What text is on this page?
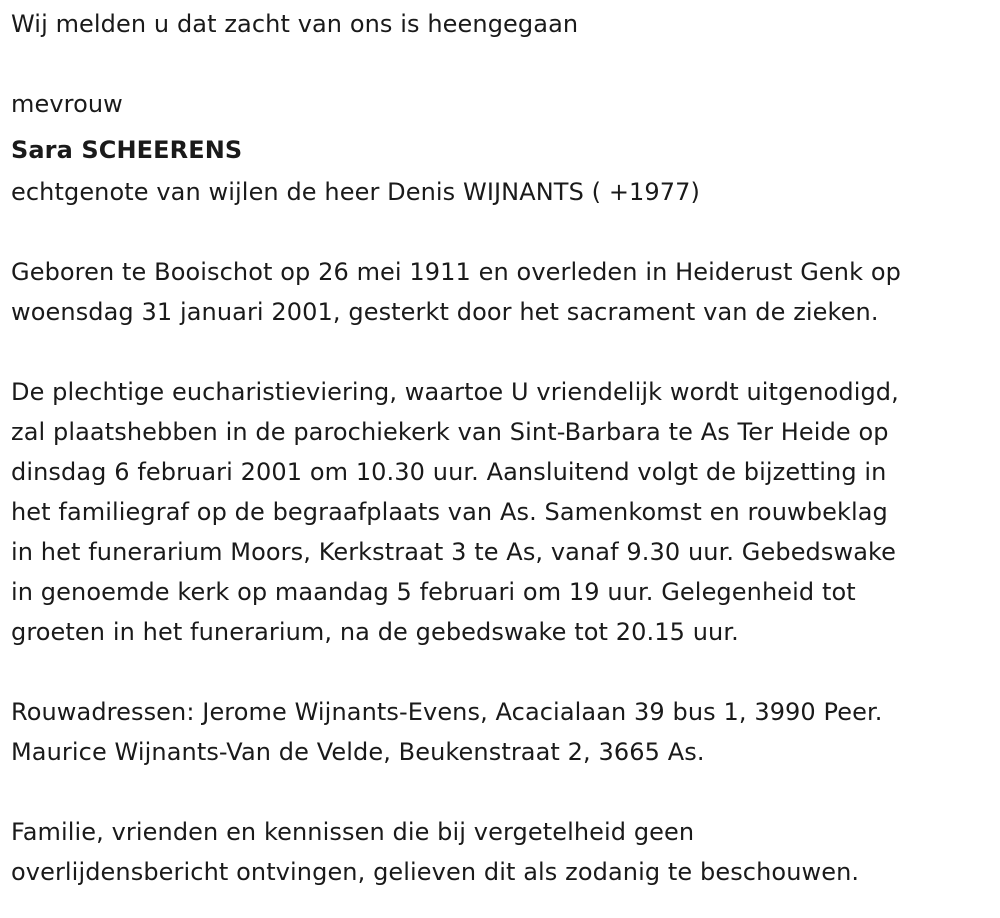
Wij melden u dat zacht van ons is heengegaan
mevrouw
Sara SCHEERENS
echtgenote van wijlen de heer Denis WIJNANTS ( +1977)
Geboren te Booischot op 26 mei 1911 en overleden in Heiderust Genk op
woensdag 31 januari 2001, gesterkt door het sacrament van de zieken.
De plechtige eucharistieviering, waartoe U vriendelijk wordt uitgenodigd,
zal plaatshebben in de parochiekerk van Sint-Barbara te As Ter Heide op
dinsdag 6 februari 2001 om 10.30 uur. Aansluitend volgt de bijzetting in
het familiegraf op de begraafplaats van As. Samenkomst en rouwbeklag
in het funerarium Moors, Kerkstraat 3 te As, vanaf 9.30 uur. Gebedswake
in genoemde kerk op maandag 5 februari om 19 uur. Gelegenheid tot
groeten in het funerarium, na de gebedswake tot 20.15 uur.
Rouwadressen: Jerome Wijnants-Evens, Acacialaan 39 bus 1, 3990 Peer.
Maurice Wijnants-Van de Velde, Beukenstraat 2, 3665 As.
Familie, vrienden en kennissen die bij vergetelheid geen
overlijdensbericht ontvingen, gelieven dit als zodanig te beschouwen.
